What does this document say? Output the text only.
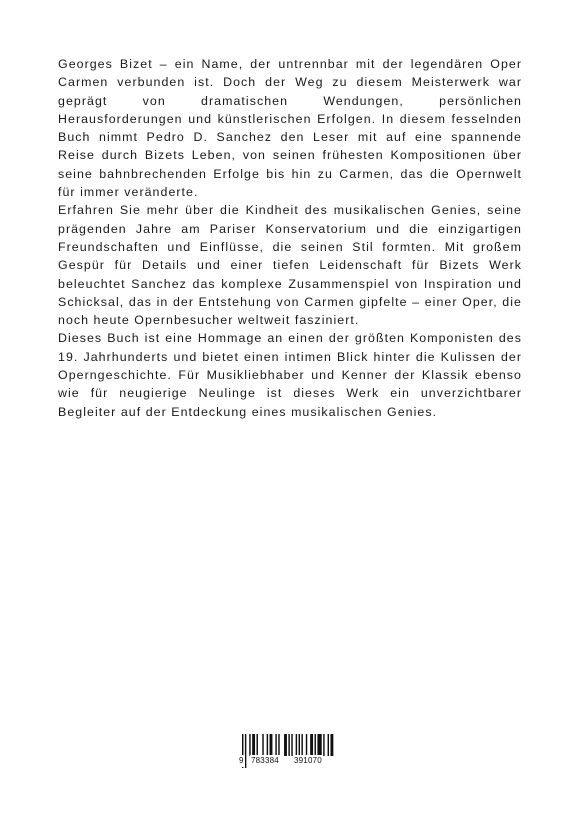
Georges Bizet – ein Name, der untrennbar mit der legendären Oper Carmen verbunden ist. Doch der Weg zu diesem Meisterwerk war geprägt von dramatischen Wendungen, persönlichen Herausforderungen und künstlerischen Erfolgen. In diesem fesselnden Buch nimmt Pedro D. Sanchez den Leser mit auf eine spannende Reise durch Bizets Leben, von seinen frühesten Kompositionen über seine bahnbrechenden Erfolge bis hin zu Carmen, das die Opernwelt für immer veränderte.

Erfahren Sie mehr über die Kindheit des musikalischen Genies, seine prägenden Jahre am Pariser Konservatorium und die einzigartigen Freundschaften und Einflüsse, die seinen Stil formten. Mit großem Gespür für Details und einer tiefen Leidenschaft für Bizets Werk beleuchtet Sanchez das komplexe Zusammenspiel von Inspiration und Schicksal, das in der Entstehung von Carmen gipfelte – einer Oper, die noch heute Opernbesucher weltweit fasziniert.

Dieses Buch ist eine Hommage an einen der größten Komponisten des 19. Jahrhunderts und bietet einen intimen Blick hinter die Kulissen der Operngeschichte. Für Musikliebhaber und Kenner der Klassik ebenso wie für neugierige Neulinge ist dieses Werk ein unverzichtbarer Begleiter auf der Entdeckung eines musikalischen Genies.

9 783384 391070
